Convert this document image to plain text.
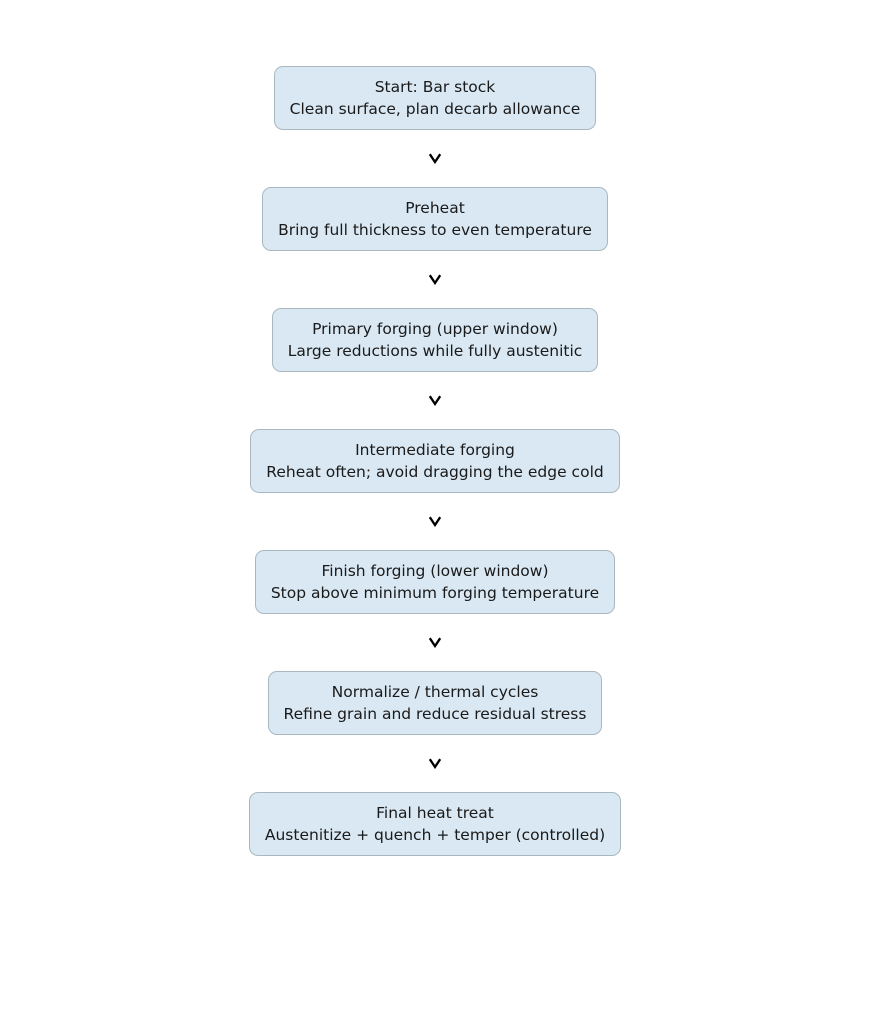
Start: Bar stock
Clean surface, plan decarb allowance
Preheat
Bring full thickness to even temperature
Primary forging (upper window)
Large reductions while fully austenitic
Intermediate forging
Reheat often; avoid dragging the edge cold
Finish forging (lower window)
Stop above minimum forging temperature
Normalize / thermal cycles
Refine grain and reduce residual stress
Final heat treat
Austenitize + quench + temper (controlled)
